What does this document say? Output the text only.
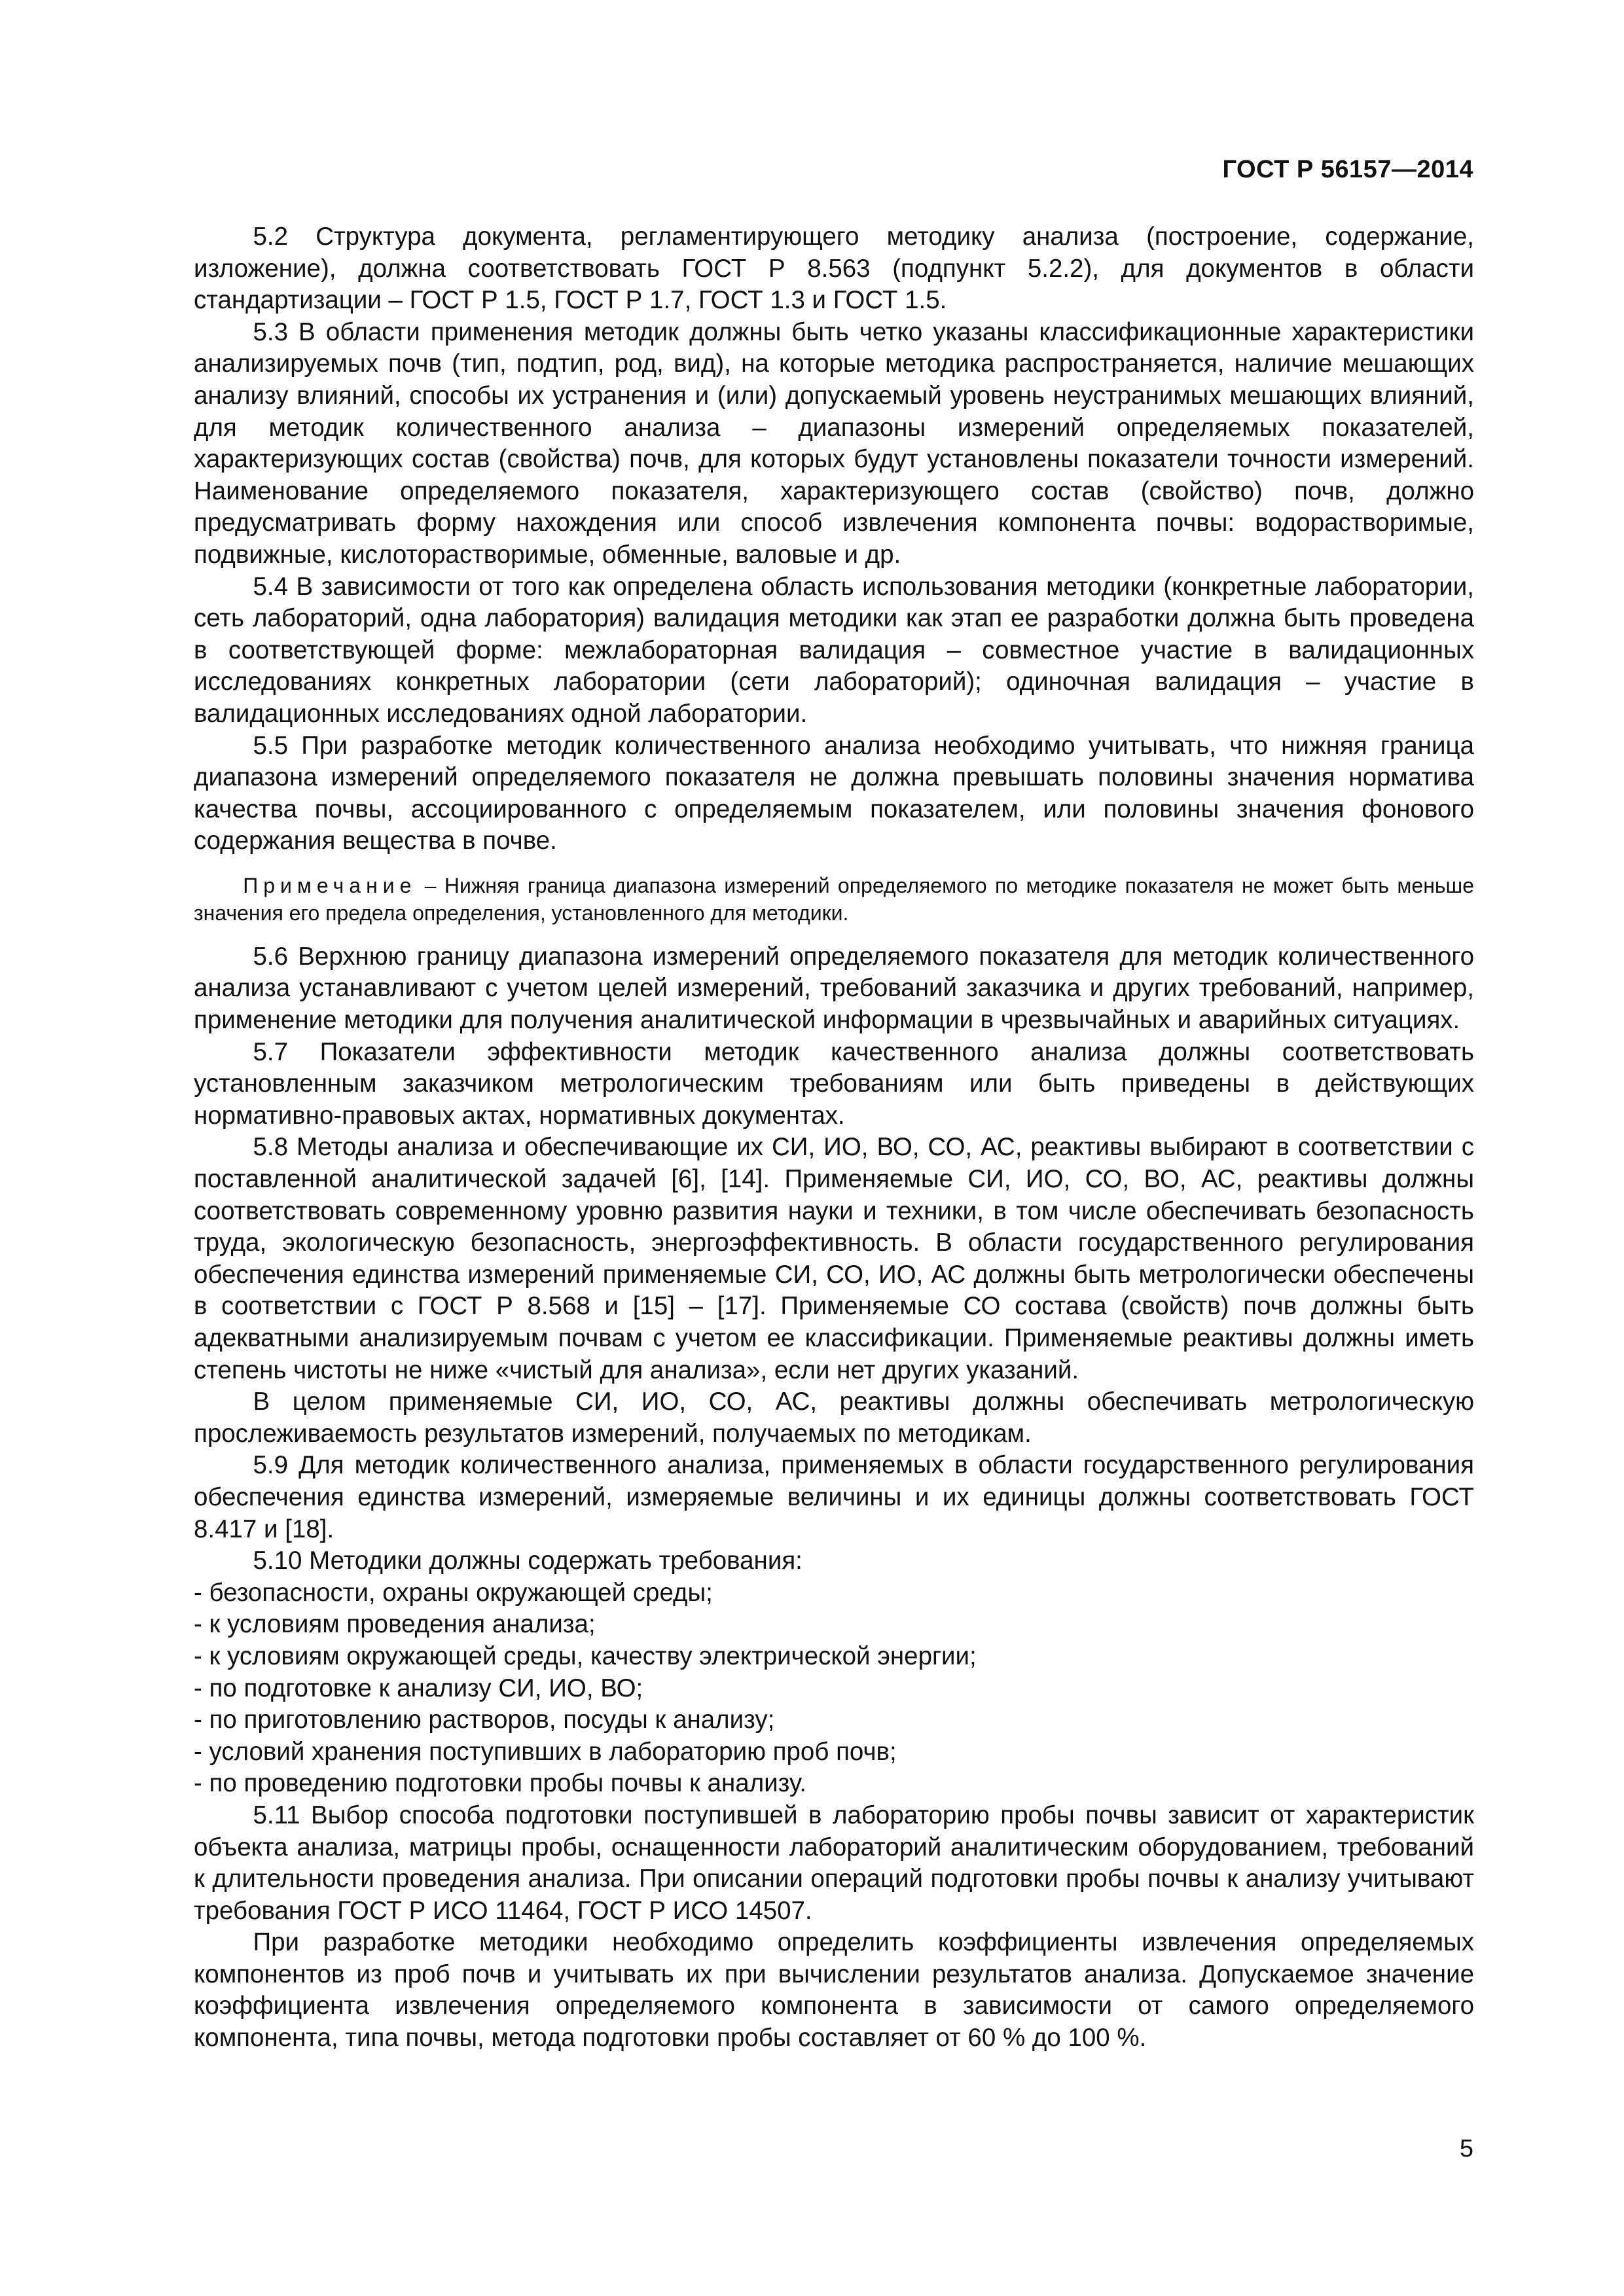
ГОСТ Р 56157—2014

5.2 Структура документа, регламентирующего методику анализа (построение, содержание, изложение), должна соответствовать ГОСТ Р 8.563 (подпункт 5.2.2), для документов в области стандартизации – ГОСТ Р 1.5, ГОСТ Р 1.7, ГОСТ 1.3 и ГОСТ 1.5.

5.3 В области применения методик должны быть четко указаны классификационные характеристики анализируемых почв (тип, подтип, род, вид), на которые методика распространяется, наличие мешающих анализу влияний, способы их устранения и (или) допускаемый уровень неустранимых мешающих влияний, для методик количественного анализа – диапазоны измерений определяемых показателей, характеризующих состав (свойства) почв, для которых будут установлены показатели точности измерений. Наименование определяемого показателя, характеризующего состав (свойство) почв, должно предусматривать форму нахождения или способ извлечения компонента почвы: водорастворимые, подвижные, кислоторастворимые, обменные, валовые и др.

5.4 В зависимости от того как определена область использования методики (конкретные лаборатории, сеть лабораторий, одна лаборатория) валидация методики как этап ее разработки должна быть проведена в соответствующей форме: межлабораторная валидация – совместное участие в валидационных исследованиях конкретных лаборатории (сети лабораторий); одиночная валидация – участие в валидационных исследованиях одной лаборатории.

5.5 При разработке методик количественного анализа необходимо учитывать, что нижняя граница диапазона измерений определяемого показателя не должна превышать половины значения норматива качества почвы, ассоциированного с определяемым показателем, или половины значения фонового содержания вещества в почве.

Примечание – Нижняя граница диапазона измерений определяемого по методике показателя не может быть меньше значения его предела определения, установленного для методики.

5.6 Верхнюю границу диапазона измерений определяемого показателя для методик количественного анализа устанавливают с учетом целей измерений, требований заказчика и других требований, например, применение методики для получения аналитической информации в чрезвычайных и аварийных ситуациях.

5.7 Показатели эффективности методик качественного анализа должны соответствовать установленным заказчиком метрологическим требованиям или быть приведены в действующих нормативно-правовых актах, нормативных документах.

5.8 Методы анализа и обеспечивающие их СИ, ИО, ВО, СО, АС, реактивы выбирают в соответствии с поставленной аналитической задачей [6], [14]. Применяемые СИ, ИО, СО, ВО, АС, реактивы должны соответствовать современному уровню развития науки и техники, в том числе обеспечивать безопасность труда, экологическую безопасность, энергоэффективность. В области государственного регулирования обеспечения единства измерений применяемые СИ, СО, ИО, АС должны быть метрологически обеспечены в соответствии с ГОСТ Р 8.568 и [15] – [17]. Применяемые СО состава (свойств) почв должны быть адекватными анализируемым почвам с учетом ее классификации. Применяемые реактивы должны иметь степень чистоты не ниже «чистый для анализа», если нет других указаний.

В целом применяемые СИ, ИО, СО, АС, реактивы должны обеспечивать метрологическую прослеживаемость результатов измерений, получаемых по методикам.

5.9 Для методик количественного анализа, применяемых в области государственного регулирования обеспечения единства измерений, измеряемые величины и их единицы должны соответствовать ГОСТ 8.417 и [18].

5.10 Методики должны содержать требования:

- безопасности, охраны окружающей среды;

- к условиям проведения анализа;

- к условиям окружающей среды, качеству электрической энергии;

- по подготовке к анализу СИ, ИО, ВО;

- по приготовлению растворов, посуды к анализу;

- условий хранения поступивших в лабораторию проб почв;

- по проведению подготовки пробы почвы к анализу.

5.11 Выбор способа подготовки поступившей в лабораторию пробы почвы зависит от характеристик объекта анализа, матрицы пробы, оснащенности лабораторий аналитическим оборудованием, требований к длительности проведения анализа. При описании операций подготовки пробы почвы к анализу учитывают требования ГОСТ Р ИСО 11464, ГОСТ Р ИСО 14507.

При разработке методики необходимо определить коэффициенты извлечения определяемых компонентов из проб почв и учитывать их при вычислении результатов анализа. Допускаемое значение коэффициента извлечения определяемого компонента в зависимости от самого определяемого компонента, типа почвы, метода подготовки пробы составляет от 60 % до 100 %.

5
